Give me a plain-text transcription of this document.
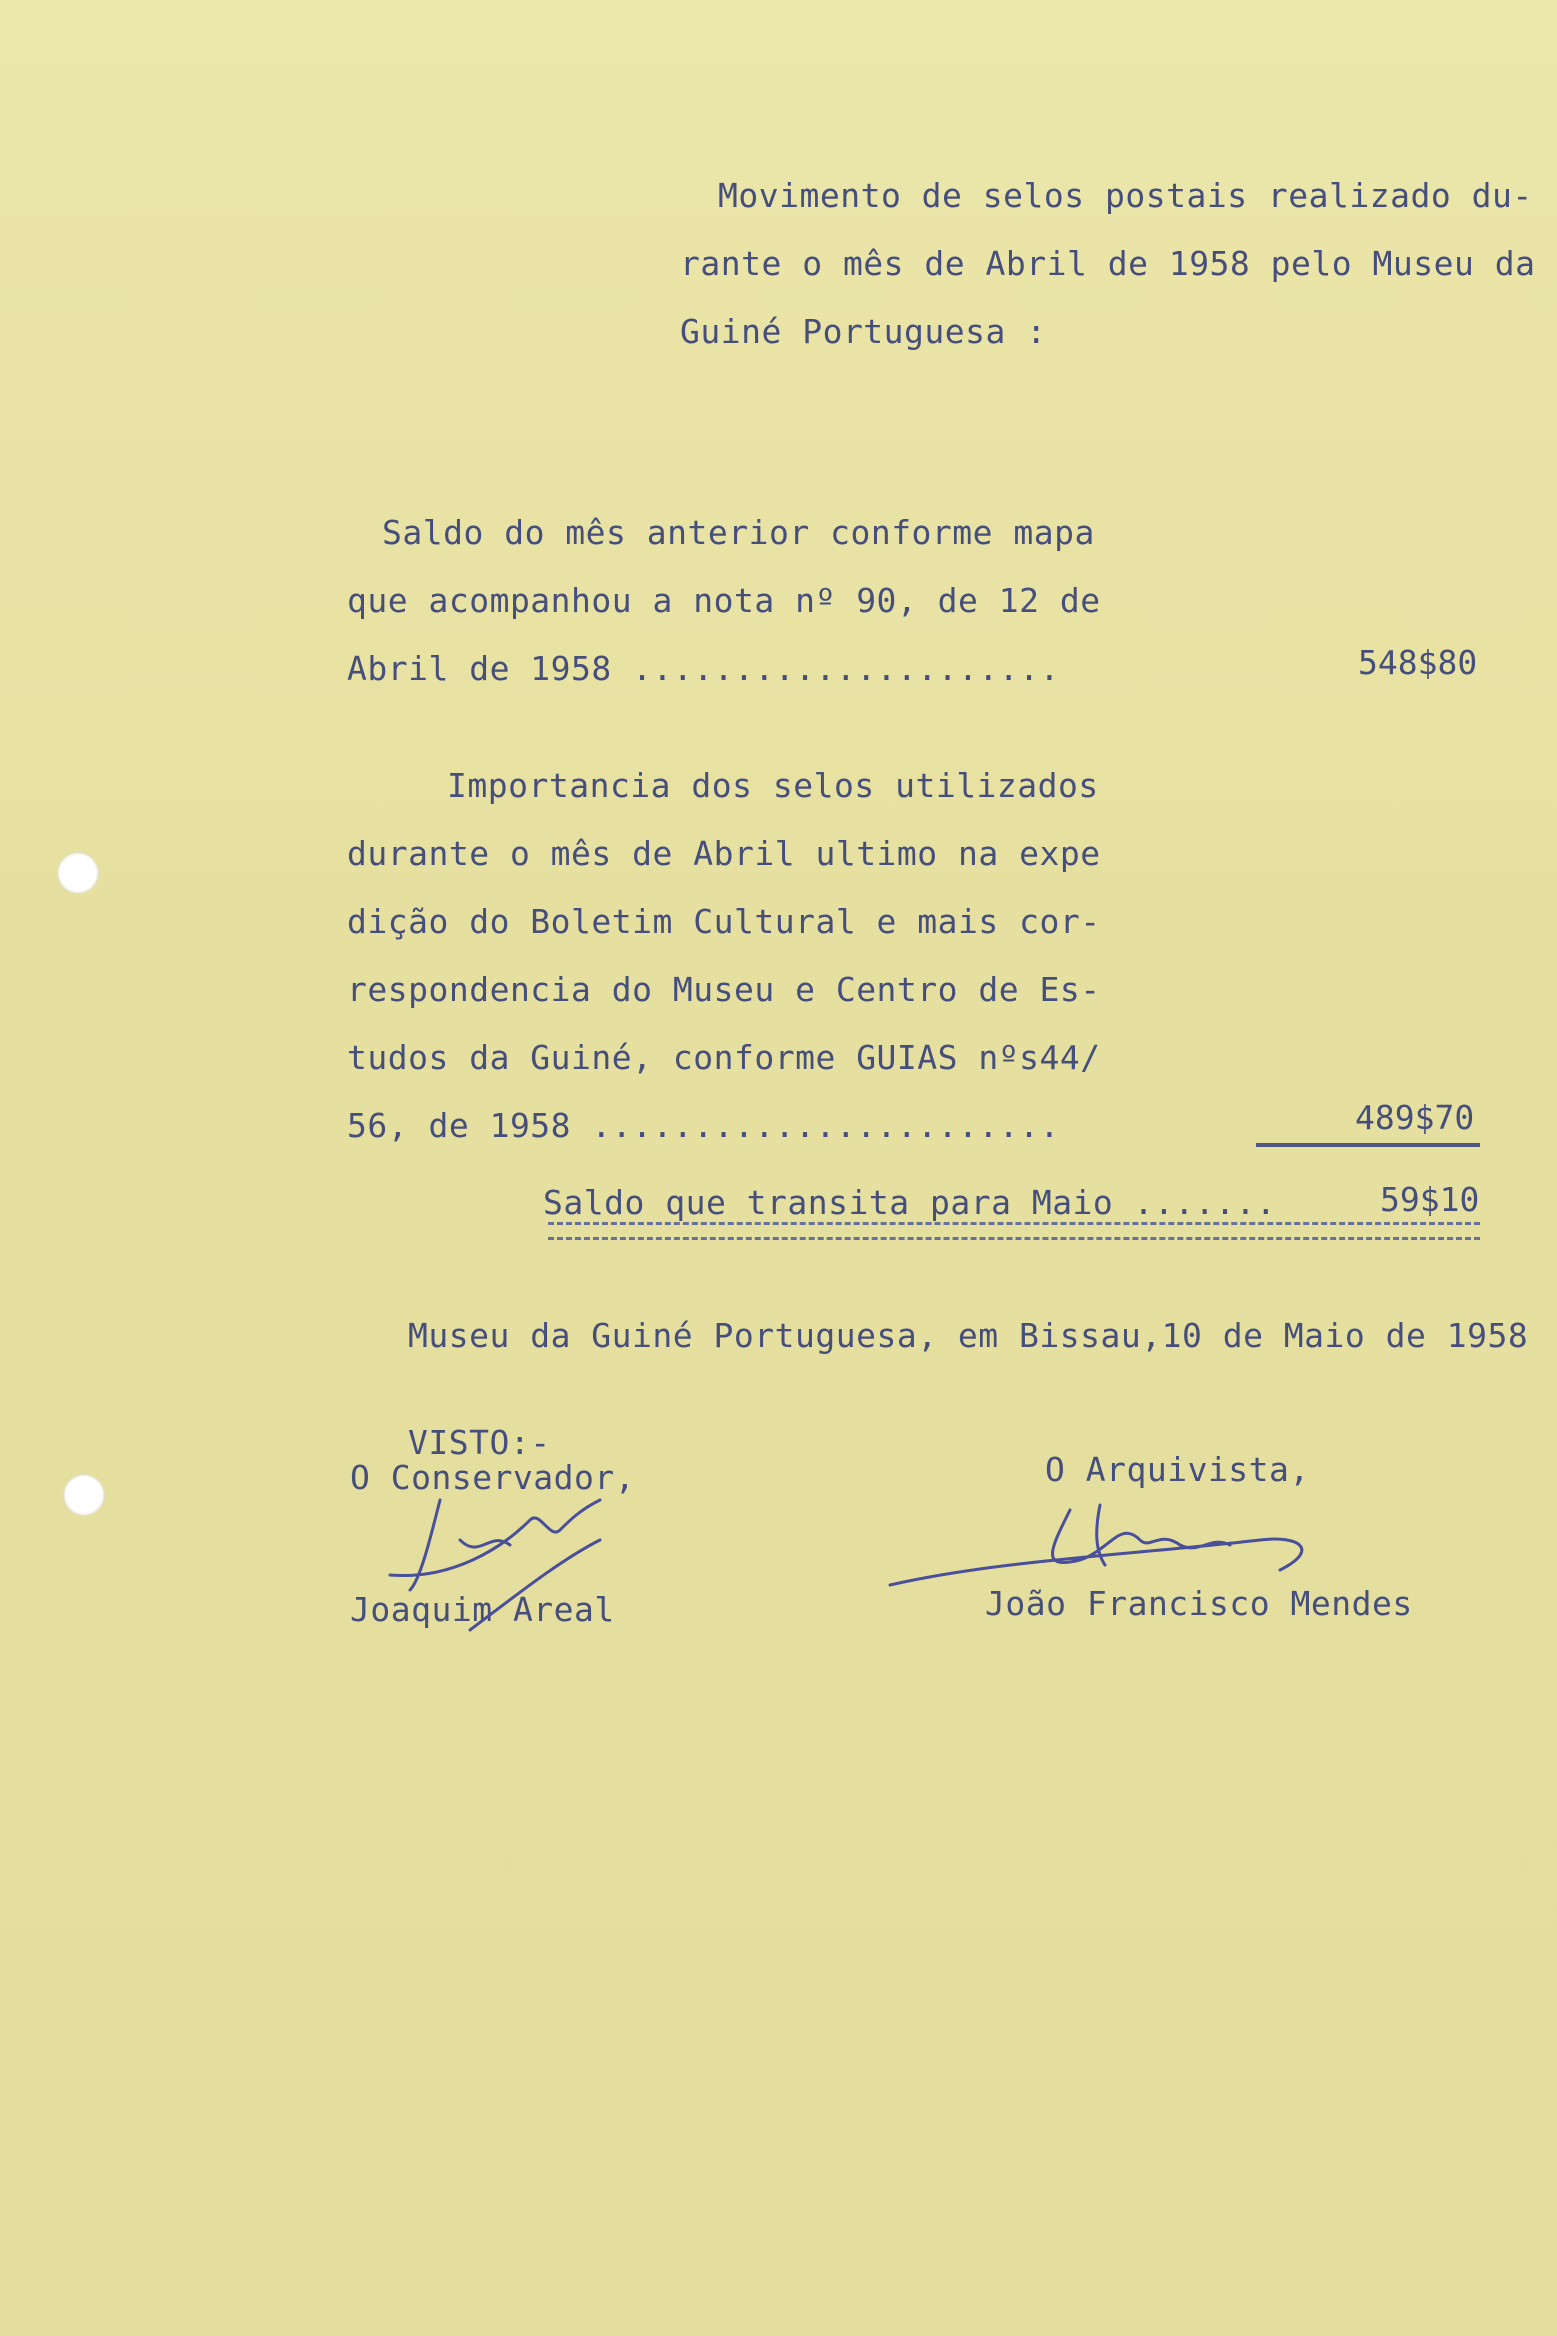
Movimento de selos postais realizado du-
rante o mês de Abril de 1958 pelo Museu da
Guiné Portuguesa :
Saldo do mês anterior conforme mapa
que acompanhou a nota nº 90, de 12 de
Abril de 1958 .....................	548$80
Importancia dos selos utilizados
durante o mês de Abril ultimo na expe
dição do Boletim Cultural e mais cor-
respondencia do Museu e Centro de Es-
tudos da Guiné, conforme GUIAS nºs44/
56, de 1958 .......................	489$70
Saldo que transita para Maio .......	59$10
Museu da Guiné Portuguesa, em Bissau,10 de Maio de 1958
VISTO:-
O Conservador,
Joaquim Areal
O Arquivista,
João Francisco Mendes
